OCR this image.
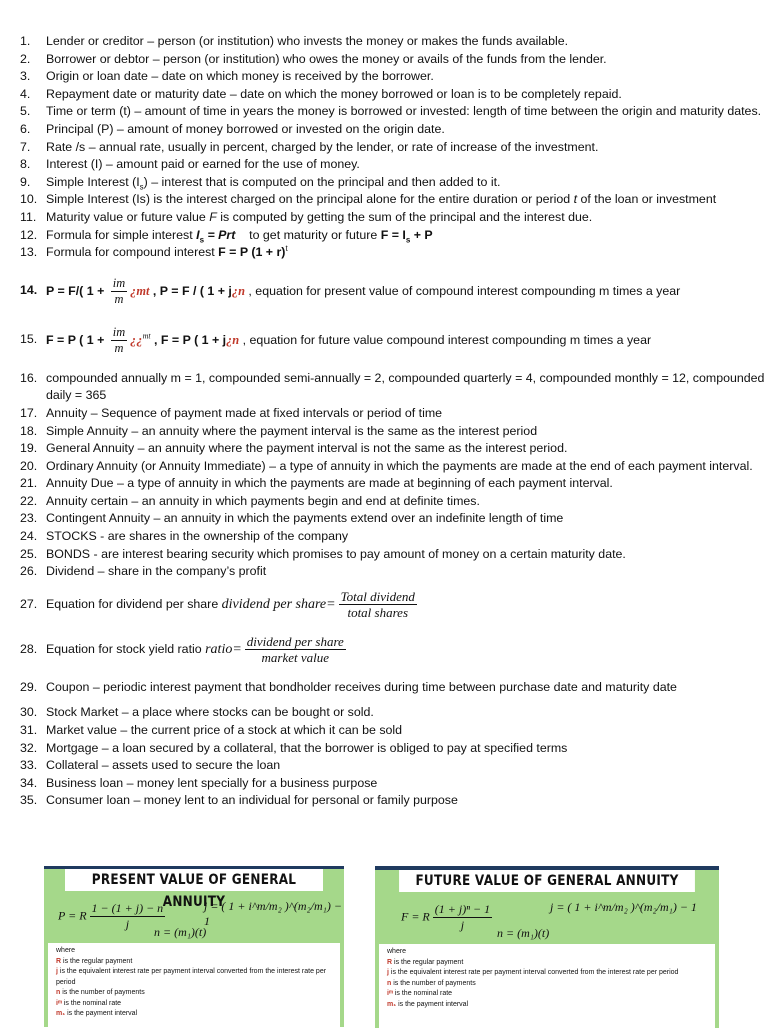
1.	Lender or creditor – person (or institution) who invests the money or makes the funds available.
2.	Borrower or debtor – person (or institution) who owes the money or avails of the funds from the lender.
3.	Origin or loan date – date on which money is received by the borrower.
4.	Repayment date or maturity date – date on which the money borrowed or loan is to be completely repaid.
5.	Time or term (t) – amount of time in years the money is borrowed or invested: length of time between the origin and maturity dates.
6.	Principal (P) – amount of money borrowed or invested on the origin date.
7.	Rate /s – annual rate, usually in percent, charged by the lender, or rate of increase of the investment.
8.	Interest (I) – amount paid or earned for the use of money.
9.	Simple Interest $(I_s)$ – interest that is computed on the principal and then added to it.
10. Simple Interest (Is) is the interest charged on the principal alone for the entire duration or period t of the loan or investment
11. Maturity value or future value F is computed by getting the sum of the principal and the interest due.
12. Formula for simple interest $I_s$ = Prt    to get maturity or future $F = I_s + P$
13. Formula for compound interest F = P $(1 + r)^t$
14. P = F/( $1 + \frac{im}{m}$ ¿mt , P = F / ( 1 + j¿n , equation for present value of compound interest compounding m times a year
15. F = P ( $1 + \frac{im}{m}$ ¿¿$^{mt}$ , F = P ( 1 + j¿n , equation for future value compound interest compounding m times a year
16. compounded annually m = 1, compounded semi-annually = 2, compounded quarterly = 4, compounded monthly = 12, compounded daily = 365
17. Annuity – Sequence of payment made at fixed intervals or period of time
18. Simple Annuity – an annuity where the payment interval is the same as the interest period
19. General Annuity – an annuity where the payment interval is not the same as the interest period.
20. Ordinary Annuity (or Annuity Immediate) – a type of annuity in which the payments are made at the end of each payment interval.
21. Annuity Due – a type of annuity in which the payments are made at beginning of each payment interval.
22. Annuity certain – an annuity in which payments begin and end at definite times.
23. Contingent Annuity – an annuity in which the payments extend over an indefinite length of time
24. STOCKS - are shares in the ownership of the company
25. BONDS - are interest bearing security which promises to pay amount of money on a certain maturity date.
26. Dividend – share in the company’s profit
27. Equation for dividend per share dividend per share= $\frac{\text{Total dividend}}{\text{total shares}}$
28. Equation for stock yield ratio ratio= $\frac{\text{dividend per share}}{\text{market value}}$
29. Coupon – periodic interest payment that bondholder receives during time between purchase date and maturity date
30. Stock Market – a place where stocks can be bought or sold.
31. Market value – the current price of a stock at which it can be sold
32. Mortgage – a loan secured by a collateral, that the borrower is obliged to pay at specified terms
33. Collateral – assets used to secure the loan
34. Business loan – money lent specially for a business purpose
35. Consumer loan – money lent to an individual for personal or family purpose
PRESENT VALUE OF GENERAL ANNUITY
P = R $\frac{1 - (1 + j) - n}{j}$	j = ( 1 + i^m/m₂ )^(m₂/m₁) − 1
n = (m₁)(t)
where
R is the regular payment
j is the equivalent interest rate per payment interval converted from the interest rate per period
n is the number of payments
iᵐ is the nominal rate
m₁ is the payment interval
FUTURE VALUE OF GENERAL ANNUITY
F = R $\frac{\text{(1 + j)ⁿ − 1}}{j}$	j = ( 1 + i^m/m₂ )^(m₂/m₁) − 1
n = (m₁)(t)
where
R is the regular payment
j is the equivalent interest rate per payment interval converted from the interest rate per period
n is the number of payments
iᵐ is the nominal rate
m₁ is the payment interval
